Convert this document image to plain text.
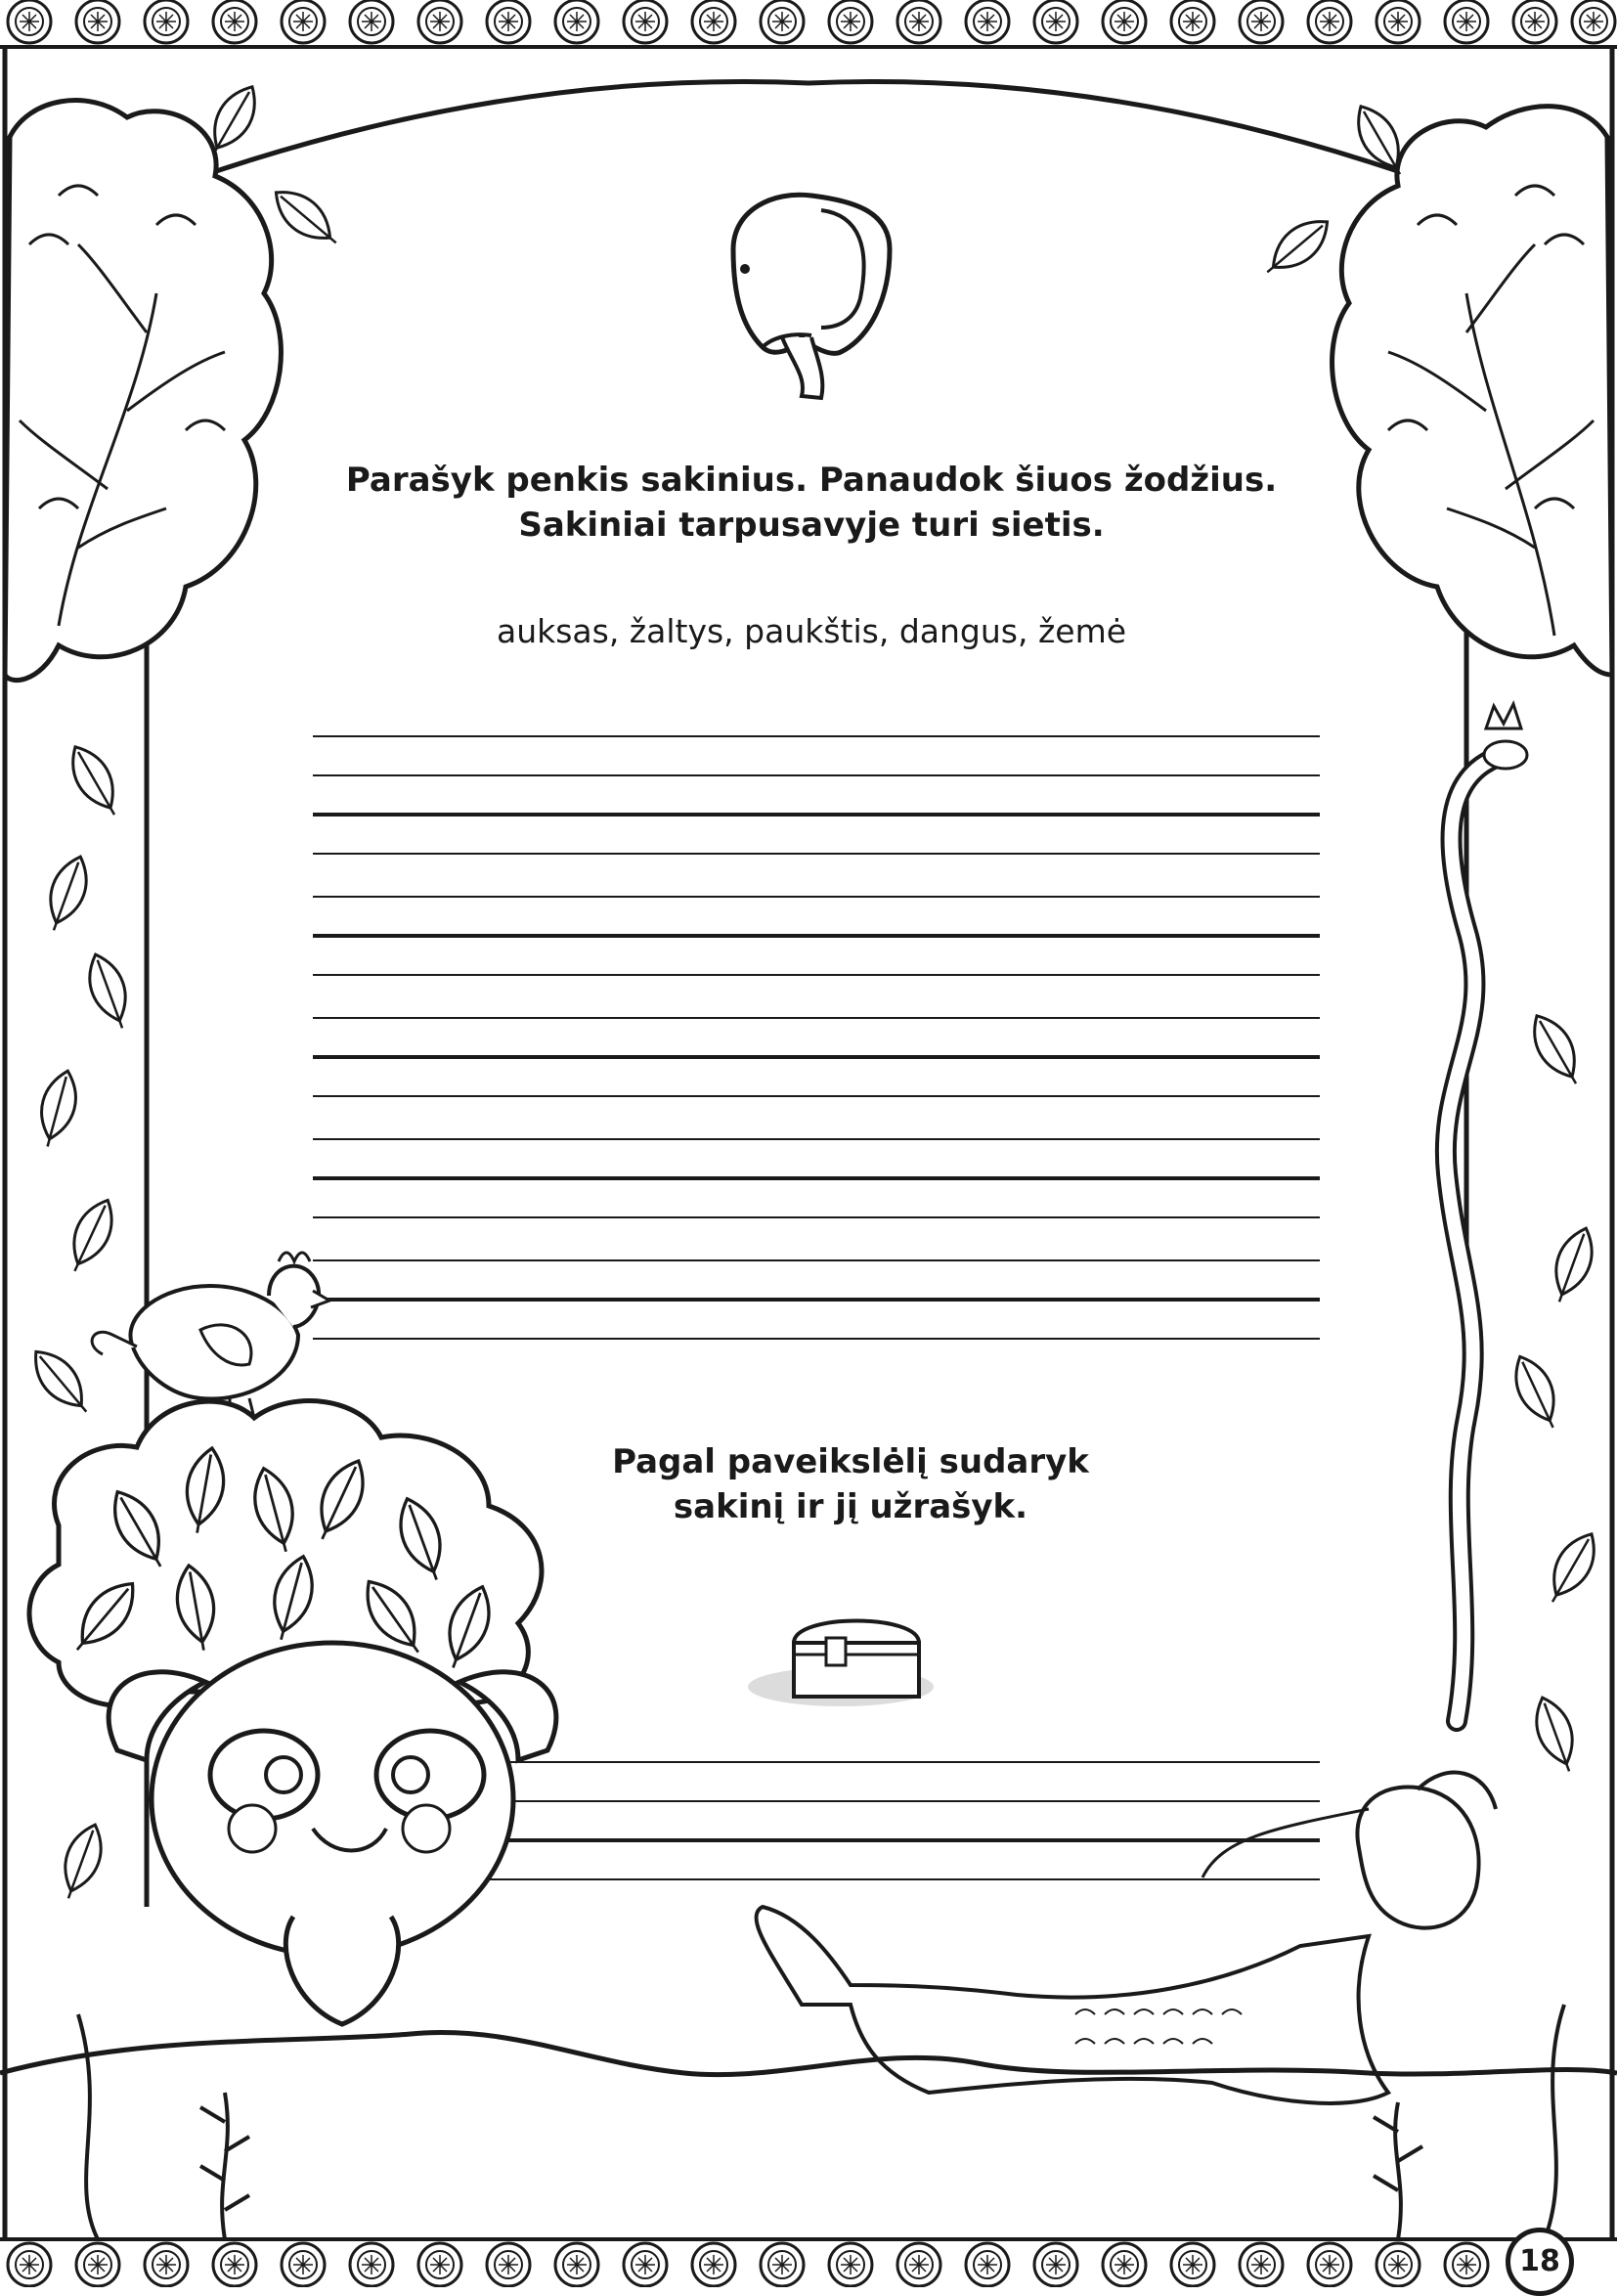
Parašyk penkis sakinius. Panaudok šiuos žodžius.
Sakiniai tarpusavyje turi sietis.
auksas, žaltys, paukštis, dangus, žemė
Pagal paveikslėlį sudaryk
sakinį ir jį užrašyk.
18
